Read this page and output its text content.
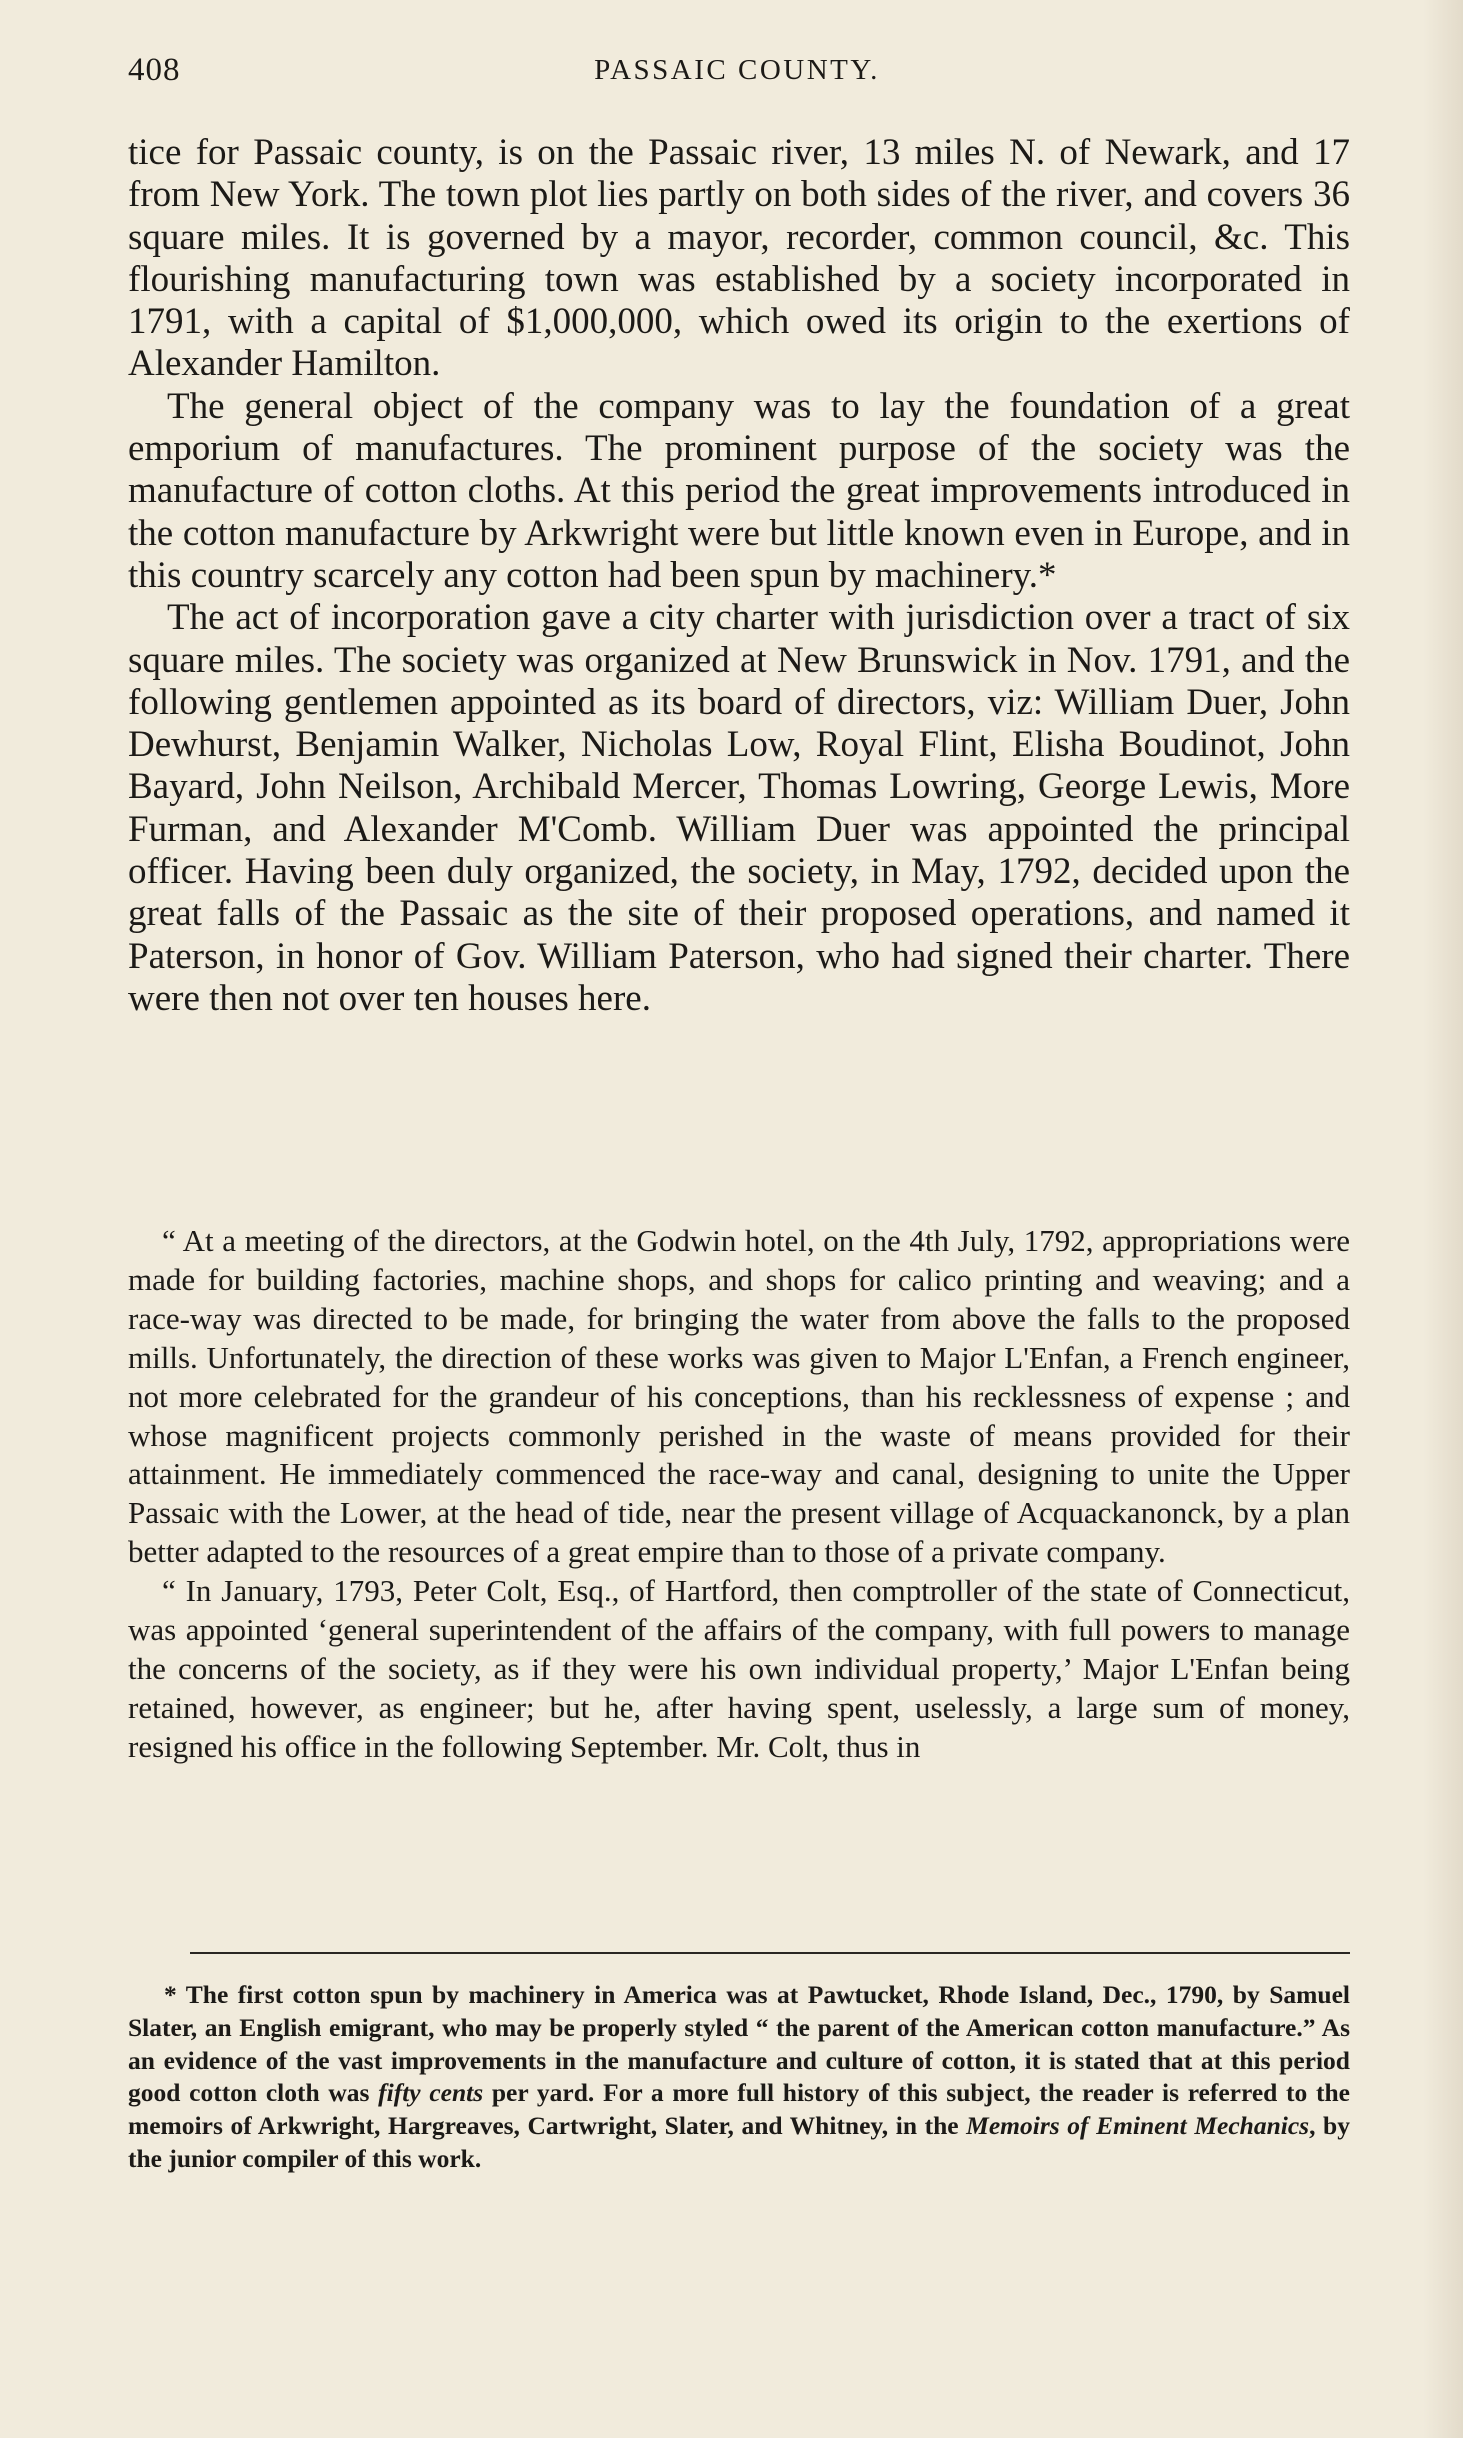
408	PASSAIC COUNTY.

tice for Passaic county, is on the Passaic river, 13 miles N. of Newark, and 17 from New York. The town plot lies partly on both sides of the river, and covers 36 square miles. It is governed by a mayor, recorder, common council, &c. This flourishing manufacturing town was established by a society incorporated in 1791, with a capital of $1,000,000, which owed its origin to the exertions of Alexander Hamilton.

The general object of the company was to lay the foundation of a great emporium of manufactures. The prominent purpose of the society was the manufacture of cotton cloths. At this period the great improvements introduced in the cotton manufacture by Arkwright were but little known even in Europe, and in this country scarcely any cotton had been spun by machinery.*

The act of incorporation gave a city charter with jurisdiction over a tract of six square miles. The society was organized at New Brunswick in Nov. 1791, and the following gentlemen appointed as its board of directors, viz: William Duer, John Dewhurst, Benjamin Walker, Nicholas Low, Royal Flint, Elisha Boudinot, John Bayard, John Neilson, Archibald Mercer, Thomas Lowring, George Lewis, More Furman, and Alexander M'Comb. William Duer was appointed the principal officer. Having been duly organized, the society, in May, 1792, decided upon the great falls of the Passaic as the site of their proposed operations, and named it Paterson, in honor of Gov. William Paterson, who had signed their charter. There were then not over ten houses here.

“ At a meeting of the directors, at the Godwin hotel, on the 4th July, 1792, appropriations were made for building factories, machine shops, and shops for calico printing and weaving; and a race-way was directed to be made, for bringing the water from above the falls to the proposed mills. Unfortunately, the direction of these works was given to Major L'Enfan, a French engineer, not more celebrated for the grandeur of his conceptions, than his recklessness of expense ; and whose magnificent projects commonly perished in the waste of means provided for their attainment. He immediately commenced the race-way and canal, designing to unite the Upper Passaic with the Lower, at the head of tide, near the present village of Acquackanonck, by a plan better adapted to the resources of a great empire than to those of a private company.

“ In January, 1793, Peter Colt, Esq., of Hartford, then comptroller of the state of Connecticut, was appointed ‘general superintendent of the affairs of the company, with full powers to manage the concerns of the society, as if they were his own individual property,’ Major L'Enfan being retained, however, as engineer; but he, after having spent, uselessly, a large sum of money, resigned his office in the following September. Mr. Colt, thus in

* The first cotton spun by machinery in America was at Pawtucket, Rhode Island, Dec., 1790, by Samuel Slater, an English emigrant, who may be properly styled “ the parent of the American cotton manufacture.” As an evidence of the vast improvements in the manufacture and culture of cotton, it is stated that at this period good cotton cloth was fifty cents per yard. For a more full history of this subject, the reader is referred to the memoirs of Arkwright, Hargreaves, Cartwright, Slater, and Whitney, in the Memoirs of Eminent Mechanics, by the junior compiler of this work.
